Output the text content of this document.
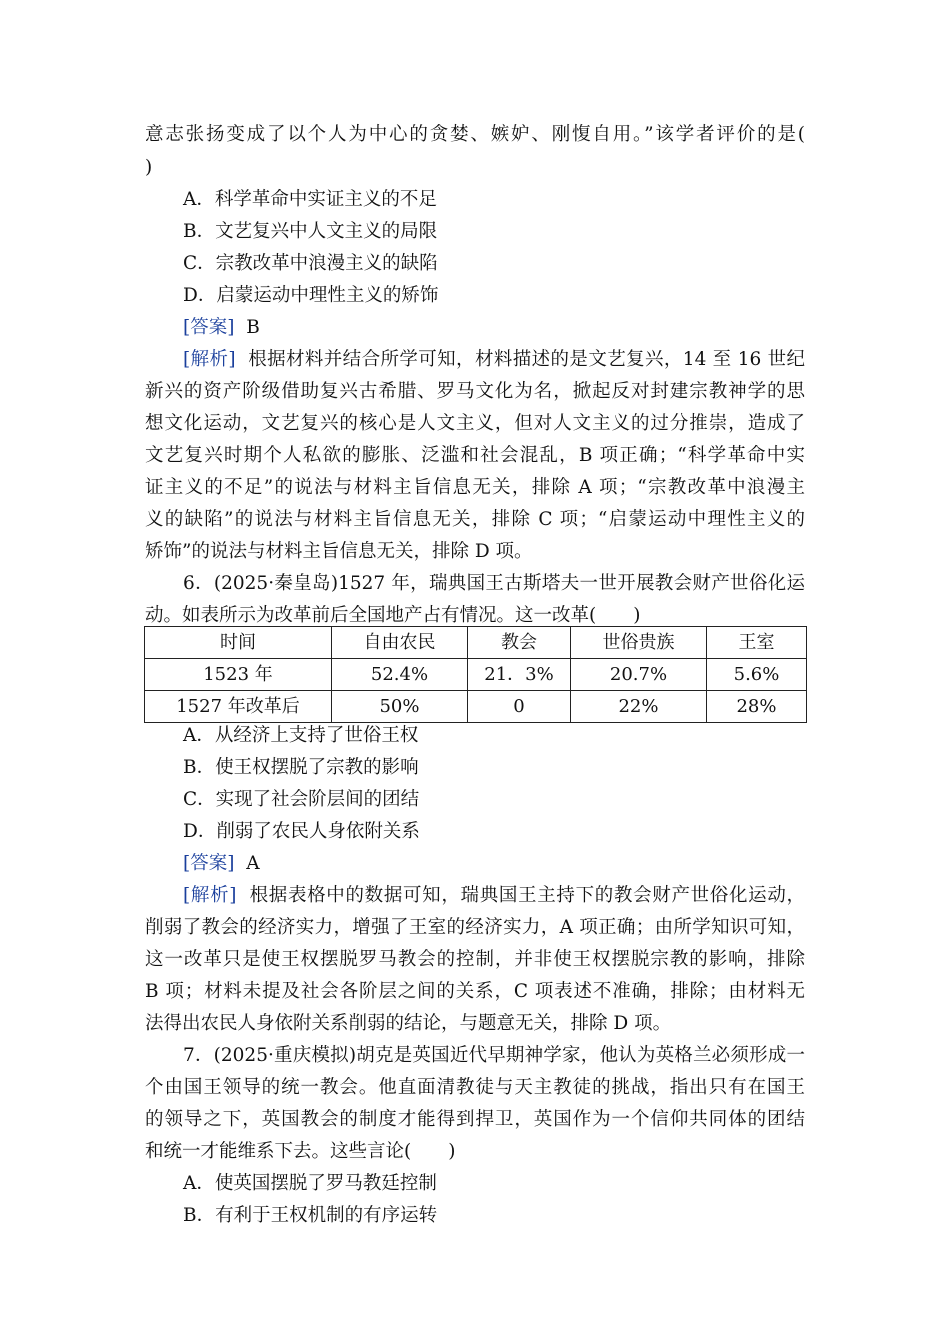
意志张扬变成了以个人为中心的贪婪、嫉妒、刚愎自用。”该学者评价的是(
)
A．科学革命中实证主义的不足
B．文艺复兴中人文主义的局限
C．宗教改革中浪漫主义的缺陷
D．启蒙运动中理性主义的矫饰
[答案] B
[解析] 根据材料并结合所学可知，材料描述的是文艺复兴，14 至 16 世纪
新兴的资产阶级借助复兴古希腊、罗马文化为名，掀起反对封建宗教神学的思
想文化运动，文艺复兴的核心是人文主义，但对人文主义的过分推崇，造成了
文艺复兴时期个人私欲的膨胀、泛滥和社会混乱，B 项正确；“科学革命中实
证主义的不足”的说法与材料主旨信息无关，排除 A 项；“宗教改革中浪漫主
义的缺陷”的说法与材料主旨信息无关，排除 C 项；“启蒙运动中理性主义的
矫饰”的说法与材料主旨信息无关，排除 D 项。
6．(2025·秦皇岛)1527 年，瑞典国王古斯塔夫一世开展教会财产世俗化运
动。如表所示为改革前后全国地产占有情况。这一改革(　　)
时间	自由农民	教会	世俗贵族	王室
1523 年	52.4%	21．3%	20.7%	5.6%
1527 年改革后	50%	0	22%	28%
A．从经济上支持了世俗王权
B．使王权摆脱了宗教的影响
C．实现了社会阶层间的团结
D．削弱了农民人身依附关系
[答案] A
[解析] 根据表格中的数据可知，瑞典国王主持下的教会财产世俗化运动，
削弱了教会的经济实力，增强了王室的经济实力，A 项正确；由所学知识可知，
这一改革只是使王权摆脱罗马教会的控制，并非使王权摆脱宗教的影响，排除
B 项；材料未提及社会各阶层之间的关系，C 项表述不准确，排除；由材料无
法得出农民人身依附关系削弱的结论，与题意无关，排除 D 项。
7．(2025·重庆模拟)胡克是英国近代早期神学家，他认为英格兰必须形成一
个由国王领导的统一教会。他直面清教徒与天主教徒的挑战，指出只有在国王
的领导之下，英国教会的制度才能得到捍卫，英国作为一个信仰共同体的团结
和统一才能维系下去。这些言论(　　)
A．使英国摆脱了罗马教廷控制
B．有利于王权机制的有序运转
